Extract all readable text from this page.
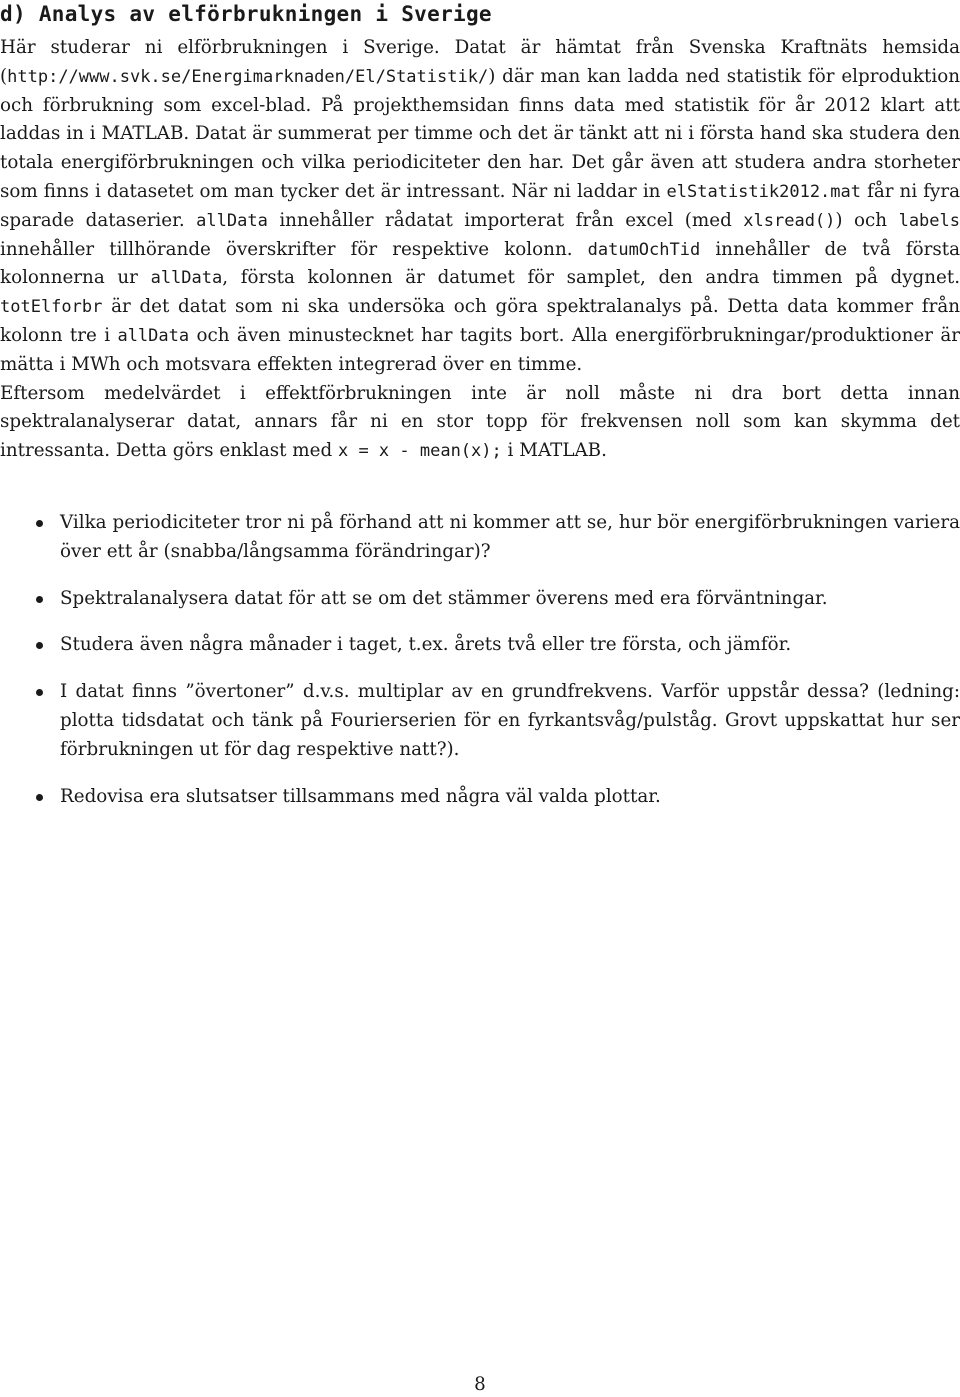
d) Analys av elförbrukningen i Sverige

Här studerar ni elförbrukningen i Sverige. Datat är hämtat från Svenska Kraftnäts hemsida (http://www.svk.se/Energimarknaden/El/Statistik/) där man kan ladda ned statistik för elproduktion och förbrukning som excel-blad. På projekthemsidan finns data med statistik för år 2012 klart att laddas in i MATLAB. Datat är summerat per timme och det är tänkt att ni i första hand ska studera den totala energiförbrukningen och vilka periodiciteter den har. Det går även att studera andra storheter som finns i datasetet om man tycker det är intressant. När ni laddar in elStatistik2012.mat får ni fyra sparade dataserier. allData innehåller rådatat importerat från excel (med xlsread()) och labels innehåller tillhörande överskrifter för respektive kolonn. datumOchTid innehåller de två första kolonnerna ur allData, första kolonnen är datumet för samplet, den andra timmen på dygnet. totElforbr är det datat som ni ska undersöka och göra spektralanalys på. Detta data kommer från kolonn tre i allData och även minustecknet har tagits bort. Alla energiförbrukningar/produktioner är mätta i MWh och motsvara effekten integrerad över en timme.

Eftersom medelvärdet i effektförbrukningen inte är noll måste ni dra bort detta innan spektralanalyserar datat, annars får ni en stor topp för frekvensen noll som kan skymma det intressanta. Detta görs enklast med x = x - mean(x); i MATLAB.

Vilka periodiciteter tror ni på förhand att ni kommer att se, hur bör energiförbrukningen variera över ett år (snabba/långsamma förändringar)?
Spektralanalysera datat för att se om det stämmer överens med era förväntningar.
Studera även några månader i taget, t.ex. årets två eller tre första, och jämför.
I datat finns ”övertoner” d.v.s. multiplar av en grundfrekvens. Varför uppstår dessa? (ledning: plotta tidsdatat och tänk på Fourierserien för en fyrkantsvåg/pulståg. Grovt uppskattat hur ser förbrukningen ut för dag respektive natt?).
Redovisa era slutsatser tillsammans med några väl valda plottar.
8
